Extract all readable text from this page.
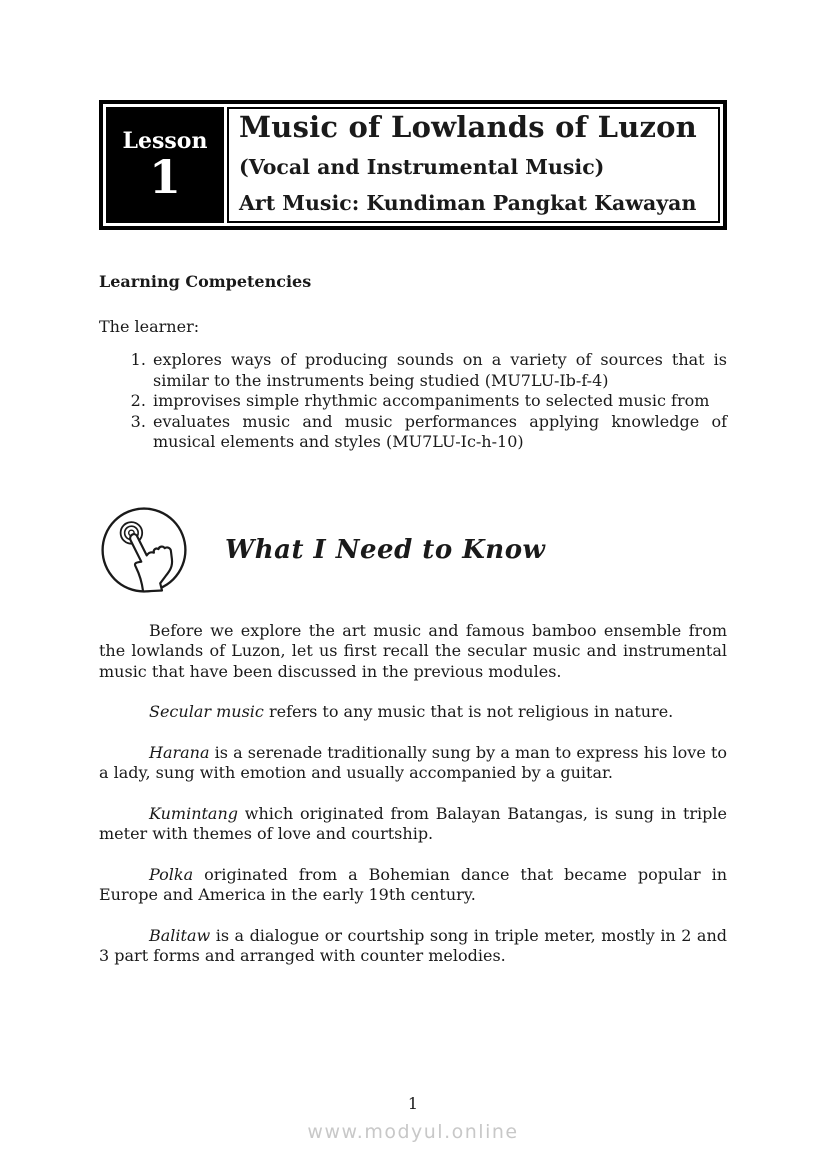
Lesson
1
Music of Lowlands of Luzon
(Vocal and Instrumental Music)
Art Music: Kundiman Pangkat Kawayan
Learning Competencies
The learner:
1. explores ways of producing sounds on a variety of sources that is similar to the instruments being studied (MU7LU-Ib-f-4)
2. improvises simple rhythmic accompaniments to selected music from
3. evaluates music and music performances applying knowledge of musical elements and styles (MU7LU-Ic-h-10)
What I Need to Know

Before we explore the art music and famous bamboo ensemble from the lowlands of Luzon, let us first recall the secular music and instrumental music that have been discussed in the previous modules.

Secular music refers to any music that is not religious in nature.

Harana is a serenade traditionally sung by a man to express his love to a lady, sung with emotion and usually accompanied by a guitar.

Kumintang which originated from Balayan Batangas, is sung in triple meter with themes of love and courtship.

Polka originated from a Bohemian dance that became popular in Europe and America in the early 19th century.

Balitaw is a dialogue or courtship song in triple meter, mostly in 2 and 3 part forms and arranged with counter melodies.

1
www.modyul.online
